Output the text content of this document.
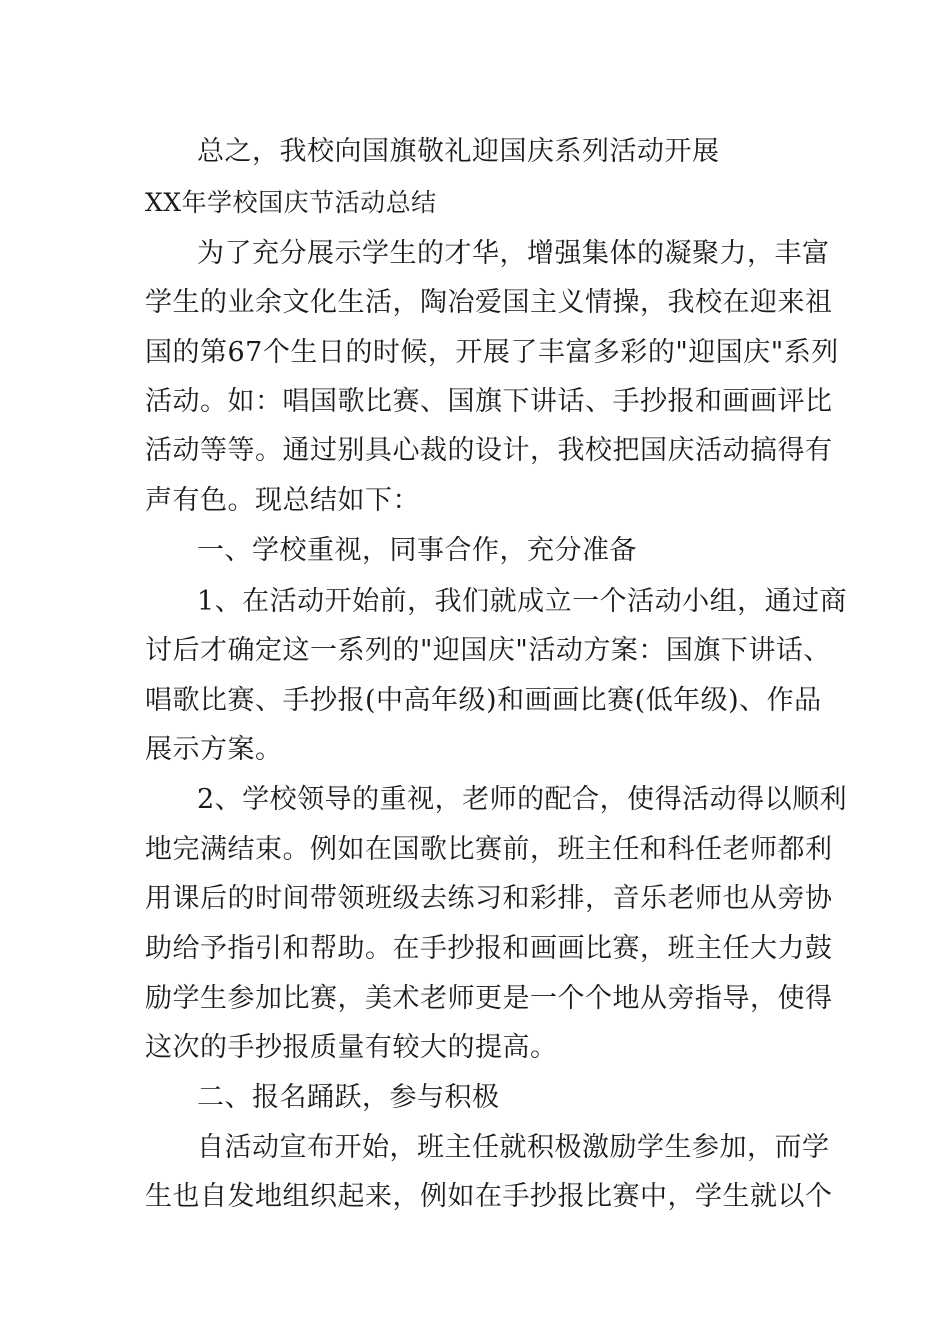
总之，我校向国旗敬礼迎国庆系列活动开展
XX年学校国庆节活动总结
为了充分展示学生的才华，增强集体的凝聚力，丰富
学生的业余文化生活，陶冶爱国主义情操，我校在迎来祖
国的第67个生日的时候，开展了丰富多彩的"迎国庆"系列
活动。如：唱国歌比赛、国旗下讲话、手抄报和画画评比
活动等等。通过别具心裁的设计，我校把国庆活动搞得有
声有色。现总结如下：
一、学校重视，同事合作，充分准备
1、在活动开始前，我们就成立一个活动小组，通过商
讨后才确定这一系列的"迎国庆"活动方案：国旗下讲话、
唱歌比赛、手抄报(中高年级)和画画比赛(低年级)、作品
展示方案。
2、学校领导的重视，老师的配合，使得活动得以顺利
地完满结束。例如在国歌比赛前，班主任和科任老师都利
用课后的时间带领班级去练习和彩排，音乐老师也从旁协
助给予指引和帮助。在手抄报和画画比赛，班主任大力鼓
励学生参加比赛，美术老师更是一个个地从旁指导，使得
这次的手抄报质量有较大的提高。
二、报名踊跃，参与积极
自活动宣布开始，班主任就积极激励学生参加，而学
生也自发地组织起来，例如在手抄报比赛中，学生就以个
